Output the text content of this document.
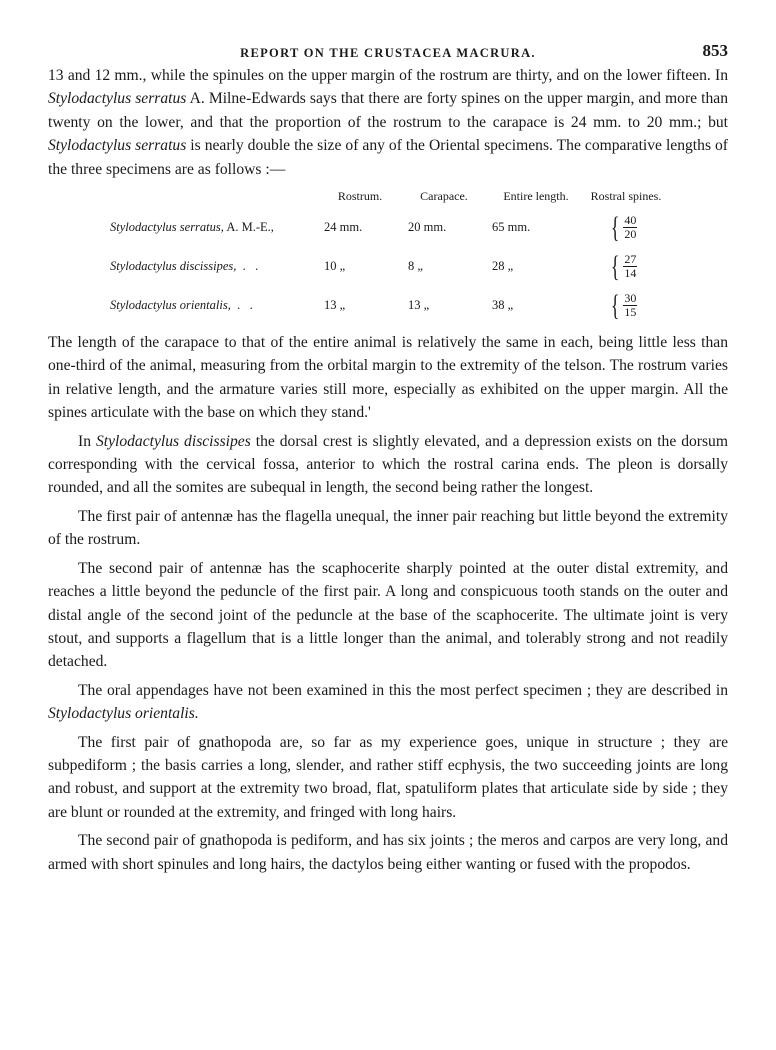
REPORT ON THE CRUSTACEA MACRURA.	853

13 and 12 mm., while the spinules on the upper margin of the rostrum are thirty, and on the lower fifteen. In Stylodactylus serratus A. Milne-Edwards says that there are forty spines on the upper margin, and more than twenty on the lower, and that the proportion of the rostrum to the carapace is 24 mm. to 20 mm.; but Stylodactylus serratus is nearly double the size of any of the Oriental specimens. The comparative lengths of the three specimens are as follows :—

	Rostrum.	Carapace.	Entire length.	Rostral spines.
Stylodactylus serratus, A. M.-E.,	24 mm.	20 mm.	65 mm.	{ $\frac{40}{20}$

Stylodactylus discissipes,  .   .	10 „	8 „	28 „	{ $\frac{27}{14}$

Stylodactylus orientalis,  .   .	13 „	13 „	38 „	{ $\frac{30}{15}$

The length of the carapace to that of the entire animal is relatively the same in each, being little less than one-third of the animal, measuring from the orbital margin to the extremity of the telson. The rostrum varies in relative length, and the armature varies still more, especially as exhibited on the upper margin. All the spines articulate with the base on which they stand.'

In Stylodactylus discissipes the dorsal crest is slightly elevated, and a depression exists on the dorsum corresponding with the cervical fossa, anterior to which the rostral carina ends. The pleon is dorsally rounded, and all the somites are subequal in length, the second being rather the longest.

The first pair of antennæ has the flagella unequal, the inner pair reaching but little beyond the extremity of the rostrum.

The second pair of antennæ has the scaphocerite sharply pointed at the outer distal extremity, and reaches a little beyond the peduncle of the first pair. A long and conspicuous tooth stands on the outer and distal angle of the second joint of the peduncle at the base of the scaphocerite. The ultimate joint is very stout, and supports a flagellum that is a little longer than the animal, and tolerably strong and not readily detached.

The oral appendages have not been examined in this the most perfect specimen ; they are described in Stylodactylus orientalis.

The first pair of gnathopoda are, so far as my experience goes, unique in structure ; they are subpediform ; the basis carries a long, slender, and rather stiff ecphysis, the two succeeding joints are long and robust, and support at the extremity two broad, flat, spatuliform plates that articulate side by side ; they are blunt or rounded at the extremity, and fringed with long hairs.

The second pair of gnathopoda is pediform, and has six joints ; the meros and carpos are very long, and armed with short spinules and long hairs, the dactylos being either wanting or fused with the propodos.
